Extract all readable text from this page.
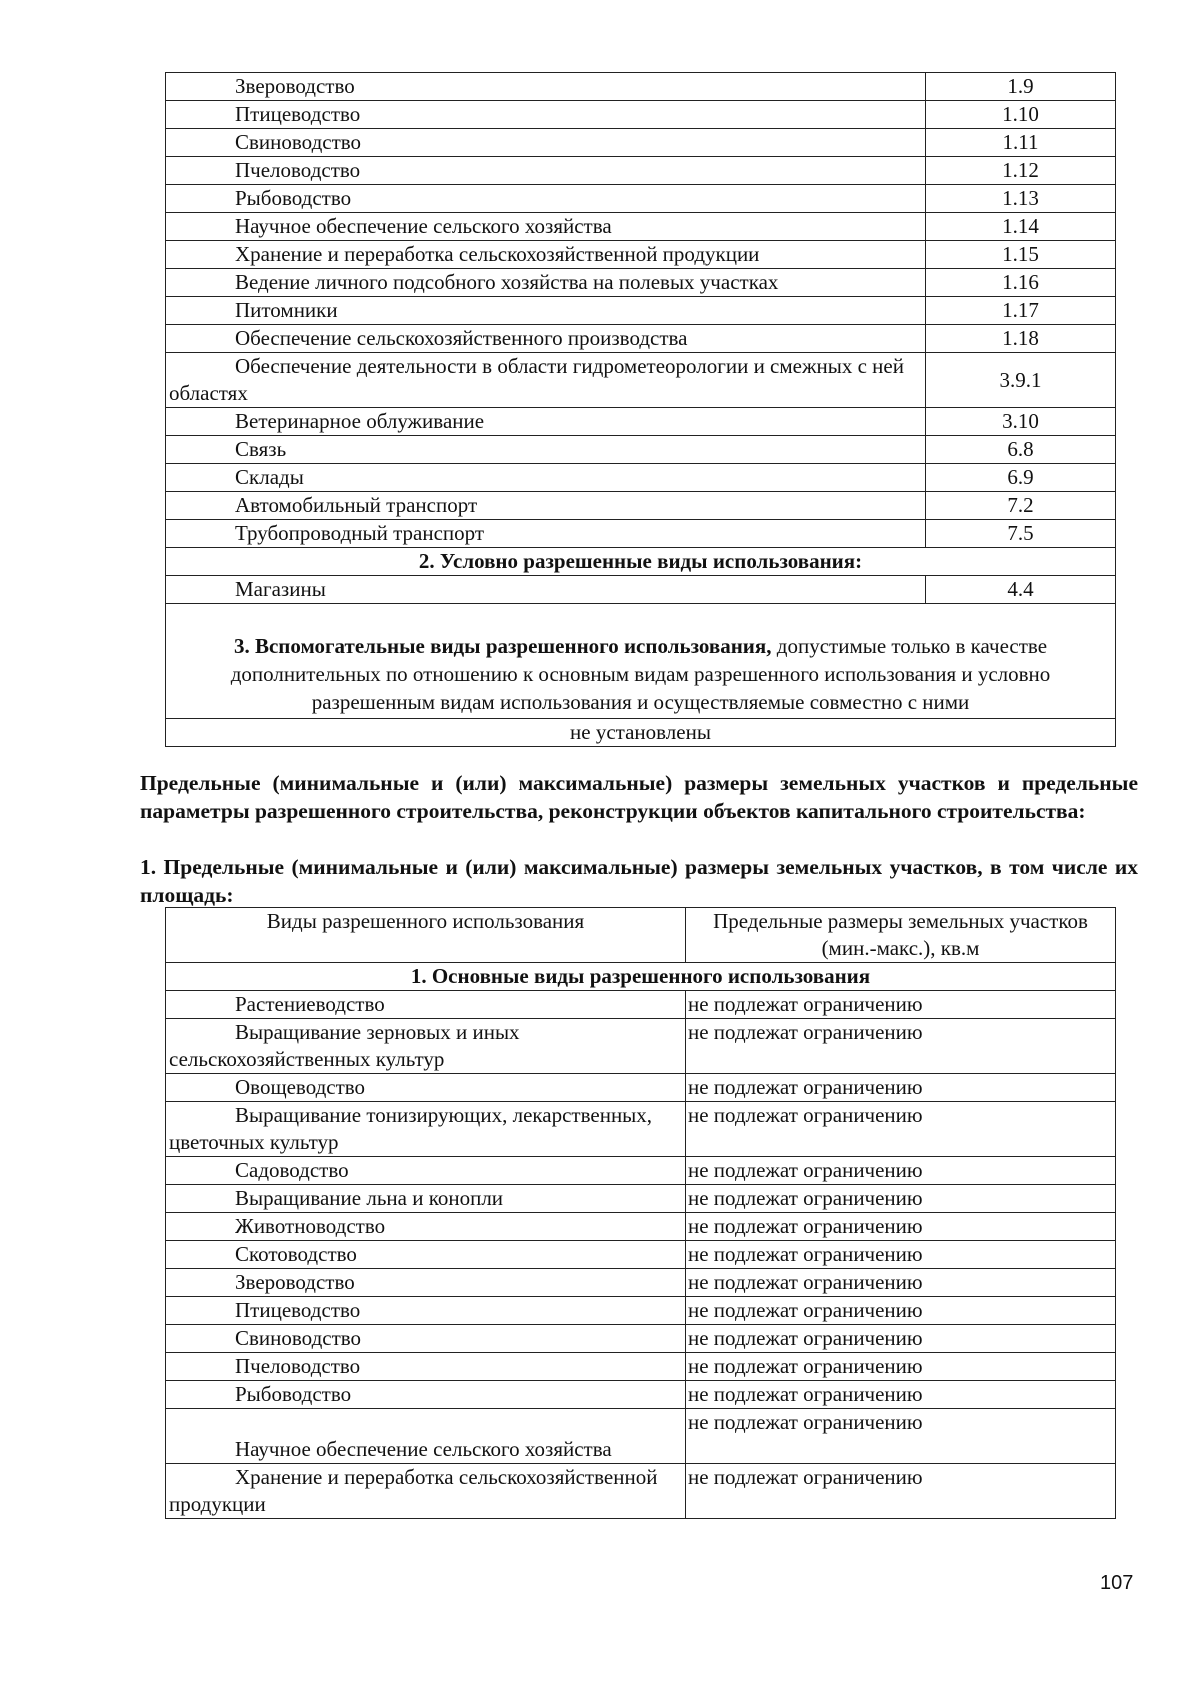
Звероводство	1.9
Птицеводство	1.10
Свиноводство	1.11
Пчеловодство	1.12
Рыбоводство	1.13
Научное обеспечение сельского хозяйства	1.14
Хранение и переработка сельскохозяйственной продукции	1.15
Ведение личного подсобного хозяйства на полевых участках	1.16
Питомники	1.17
Обеспечение сельскохозяйственного производства	1.18
Обеспечение деятельности в области гидрометеорологии и смежных с ней областях	3.9.1
Ветеринарное облуживание	3.10
Связь	6.8
Склады	6.9
Автомобильный транспорт	7.2
Трубопроводный транспорт	7.5
2. Условно разрешенные виды использования:	
Магазины	4.4
3. Вспомогательные виды разрешенного использования, допустимые только в качестве дополнительных по отношению к основным видам разрешенного использования и условно разрешенным видам использования и осуществляемые совместно с ними	
не установлены	
Предельные (минимальные и (или) максимальные) размеры земельных участков и предельные параметры разрешенного строительства, реконструкции объектов капитального строительства:
1. Предельные (минимальные и (или) максимальные) размеры земельных участков, в том числе их площадь:
Виды разрешенного использования	Предельные размеры земельных участков (мин.-макс.), кв.м
1. Основные виды разрешенного использования	
Растениеводство	не подлежат ограничению
Выращивание зерновых и иных сельскохозяйственных культур	не подлежат ограничению
Овощеводство	не подлежат ограничению
Выращивание тонизирующих, лекарственных, цветочных культур	не подлежат ограничению
Садоводство	не подлежат ограничению
Выращивание льна и конопли	не подлежат ограничению
Животноводство	не подлежат ограничению
Скотоводство	не подлежат ограничению
Звероводство	не подлежат ограничению
Птицеводство	не подлежат ограничению
Свиноводство	не подлежат ограничению
Пчеловодство	не подлежат ограничению
Рыбоводство	не подлежат ограничению
Научное обеспечение сельского хозяйства	не подлежат ограничению
Хранение и переработка сельскохозяйственной продукции	не подлежат ограничению
107
